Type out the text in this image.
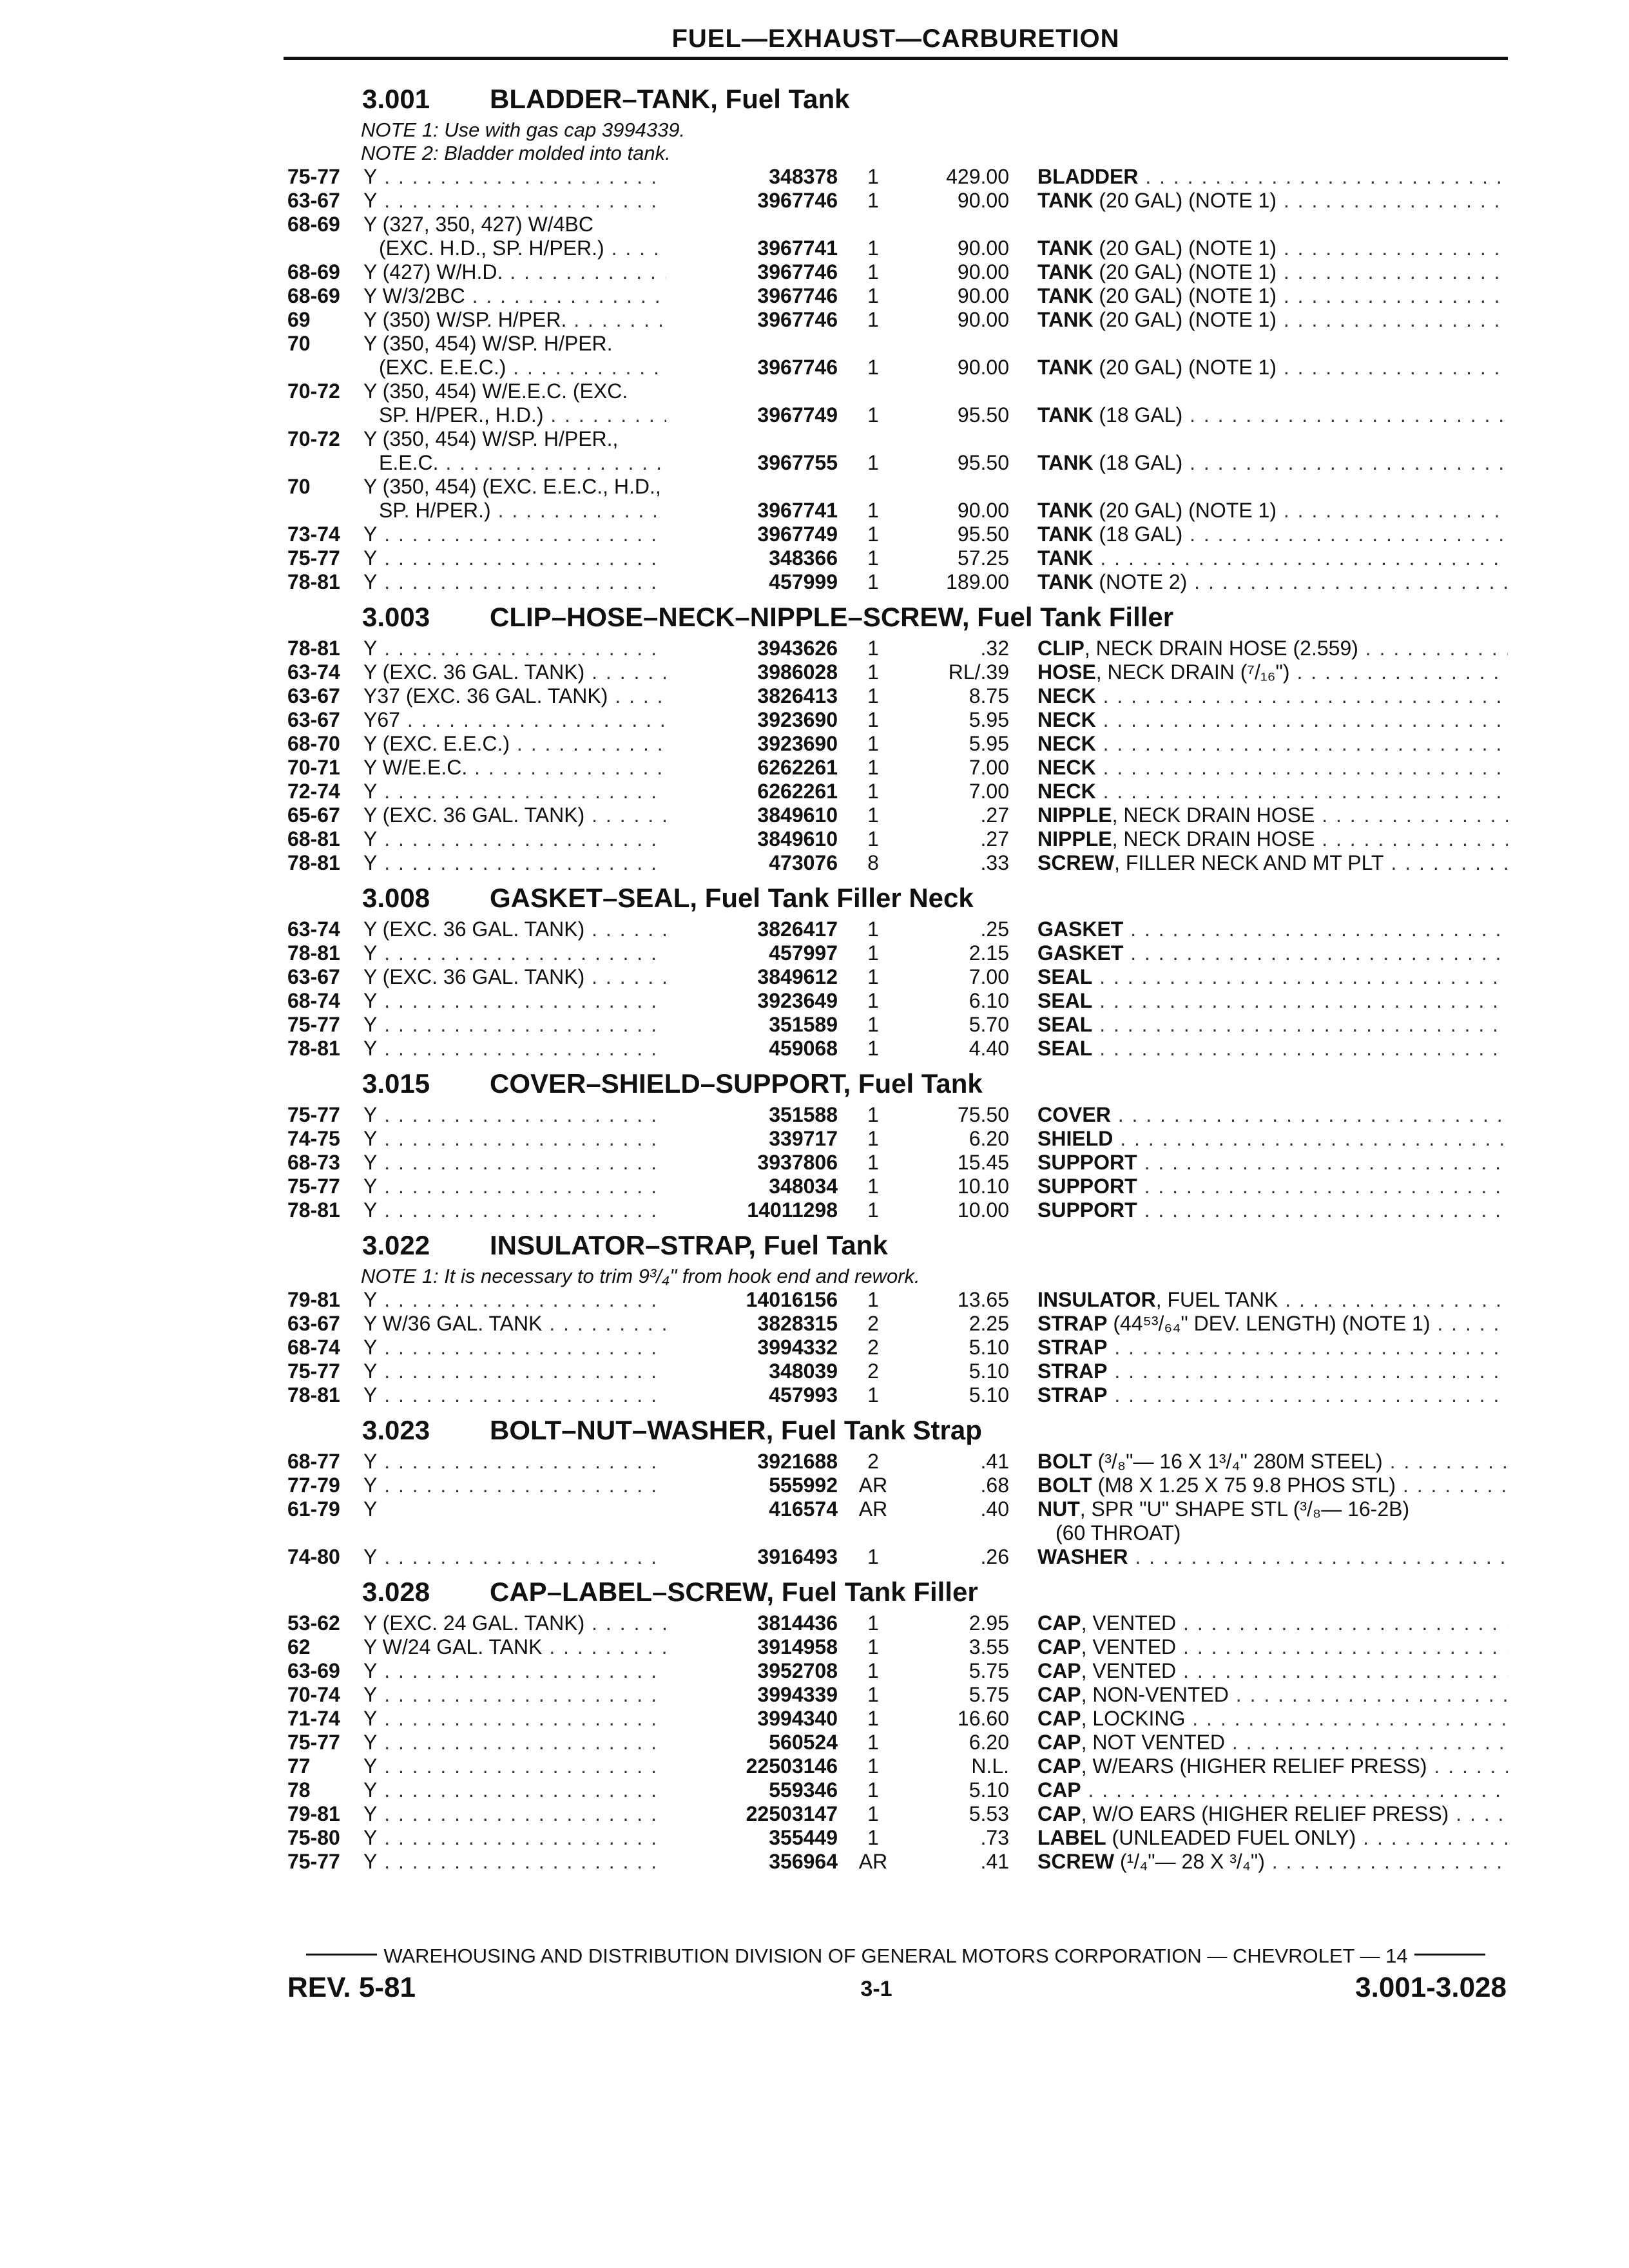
FUEL—EXHAUST—CARBURETION
3.001 BLADDER–TANK, Fuel Tank
NOTE 1: Use with gas cap 3994339.
NOTE 2: Bladder molded into tank.
75-77 Y . . .	348378	1	429.00 BLADDER . . .
63-67 Y . . .	3967746	1	90.00 TANK (20 GAL) (NOTE 1) . . .
68-69 Y (327, 350, 427) W/4BC
(EXC. H.D., SP. H/PER.) . . .	3967741	1	90.00 TANK (20 GAL) (NOTE 1) . . .
68-69 Y (427) W/H.D. . . .	3967746	1	90.00 TANK (20 GAL) (NOTE 1) . . .
68-69 Y W/3/2BC . . .	3967746	1	90.00 TANK (20 GAL) (NOTE 1) . . .
69	Y (350) W/SP. H/PER. . . .	3967746	1	90.00 TANK (20 GAL) (NOTE 1) . . .
70	Y (350, 454) W/SP. H/PER.
(EXC. E.E.C.) . . .	3967746	1	90.00 TANK (20 GAL) (NOTE 1) . . .
70-72 Y (350, 454) W/E.E.C. (EXC.
SP. H/PER., H.D.) . . .	3967749	1	95.50 TANK (18 GAL) . . .
70-72 Y (350, 454) W/SP. H/PER.,
E.E.C. . . .	3967755	1	95.50 TANK (18 GAL) . . .
70	Y (350, 454) (EXC. E.E.C., H.D.,
SP. H/PER.) . . .	3967741	1	90.00 TANK (20 GAL) (NOTE 1) . . .
73-74 Y . . .	3967749	1	95.50 TANK (18 GAL) . . .
75-77 Y . . .	348366	1	57.25 TANK . . .
78-81 Y . . .	457999	1	189.00 TANK (NOTE 2) . . .
3.003 CLIP–HOSE–NECK–NIPPLE–SCREW, Fuel Tank Filler
78-81 Y . . .	3943626	1	.32 CLIP, NECK DRAIN HOSE (2.559) . . .
63-74 Y (EXC. 36 GAL. TANK) . . .	3986028	1	RL/.39 HOSE, NECK DRAIN (⁷/₁₆") . . .
63-67 Y37 (EXC. 36 GAL. TANK) . . .	3826413	1	8.75 NECK . . .
63-67 Y67 . . .	3923690	1	5.95 NECK . . .
68-70 Y (EXC. E.E.C.) . . .	3923690	1	5.95 NECK . . .
70-71 Y W/E.E.C. . . .	6262261	1	7.00 NECK . . .
72-74 Y . . .	6262261	1	7.00 NECK . . .
65-67 Y (EXC. 36 GAL. TANK) . . .	3849610	1	.27 NIPPLE, NECK DRAIN HOSE . . .
68-81 Y . . .	3849610	1	.27 NIPPLE, NECK DRAIN HOSE . . .
78-81 Y . . .	473076	8	.33 SCREW, FILLER NECK AND MT PLT . . .
3.008 GASKET–SEAL, Fuel Tank Filler Neck
63-74 Y (EXC. 36 GAL. TANK) . . .	3826417	1	.25 GASKET . . .
78-81 Y . . .	457997	1	2.15 GASKET . . .
63-67 Y (EXC. 36 GAL. TANK) . . .	3849612	1	7.00 SEAL . . .
68-74 Y . . .	3923649	1	6.10 SEAL . . .
75-77 Y . . .	351589	1	5.70 SEAL . . .
78-81 Y . . .	459068	1	4.40 SEAL . . .
3.015 COVER–SHIELD–SUPPORT, Fuel Tank
75-77 Y . . .	351588	1	75.50 COVER . . .
74-75 Y . . .	339717	1	6.20 SHIELD . . .
68-73 Y . . .	3937806	1	15.45 SUPPORT . . .
75-77 Y . . .	348034	1	10.10 SUPPORT . . .
78-81 Y . . .	14011298	1	10.00 SUPPORT . . .
3.022 INSULATOR–STRAP, Fuel Tank
NOTE 1: It is necessary to trim 9³/₄" from hook end and rework.
79-81 Y . . .	14016156	1	13.65 INSULATOR, FUEL TANK . . .
63-67 Y W/36 GAL. TANK . . .	3828315	2	2.25 STRAP (44⁵³/₆₄" DEV. LENGTH) (NOTE 1) . . .
68-74 Y . . .	3994332	2	5.10 STRAP . . .
75-77 Y . . .	348039	2	5.10 STRAP . . .
78-81 Y . . .	457993	1	5.10 STRAP . . .
3.023 BOLT–NUT–WASHER, Fuel Tank Strap
68-77 Y . . .	3921688	2	.41 BOLT (³/₈"— 16 X 1³/₄" 280M STEEL) . . .
77-79 Y . . .	555992	AR	.68 BOLT (M8 X 1.25 X 75 9.8 PHOS STL) . . .
61-79 Y	416574	AR	.40 NUT, SPR "U" SHAPE STL (³/₈— 16-2B)
(60 THROAT)
74-80 Y . . .	3916493	1	.26 WASHER . . .
3.028 CAP–LABEL–SCREW, Fuel Tank Filler
53-62 Y (EXC. 24 GAL. TANK) . . .	3814436	1	2.95 CAP, VENTED . . .
62	Y W/24 GAL. TANK . . .	3914958	1	3.55 CAP, VENTED . . .
63-69 Y . . .	3952708	1	5.75 CAP, VENTED . . .
70-74 Y . . .	3994339	1	5.75 CAP, NON-VENTED . . .
71-74 Y . . .	3994340	1	16.60 CAP, LOCKING . . .
75-77 Y . . .	560524	1	6.20 CAP, NOT VENTED . . .
77	Y . . .	22503146	1	N.L. CAP, W/EARS (HIGHER RELIEF PRESS) . . .
78	Y . . .	559346	1	5.10 CAP . . .
79-81 Y . . .	22503147	1	5.53 CAP, W/O EARS (HIGHER RELIEF PRESS) . . .
75-80 Y . . .	355449	1	.73 LABEL (UNLEADED FUEL ONLY) . . .
75-77 Y . . .	356964	AR	.41 SCREW (¹/₄"— 28 X ³/₄") . . .
WAREHOUSING AND DISTRIBUTION DIVISION OF GENERAL MOTORS CORPORATION — CHEVROLET — 14
REV. 5-81	3-1	3.001-3.028
